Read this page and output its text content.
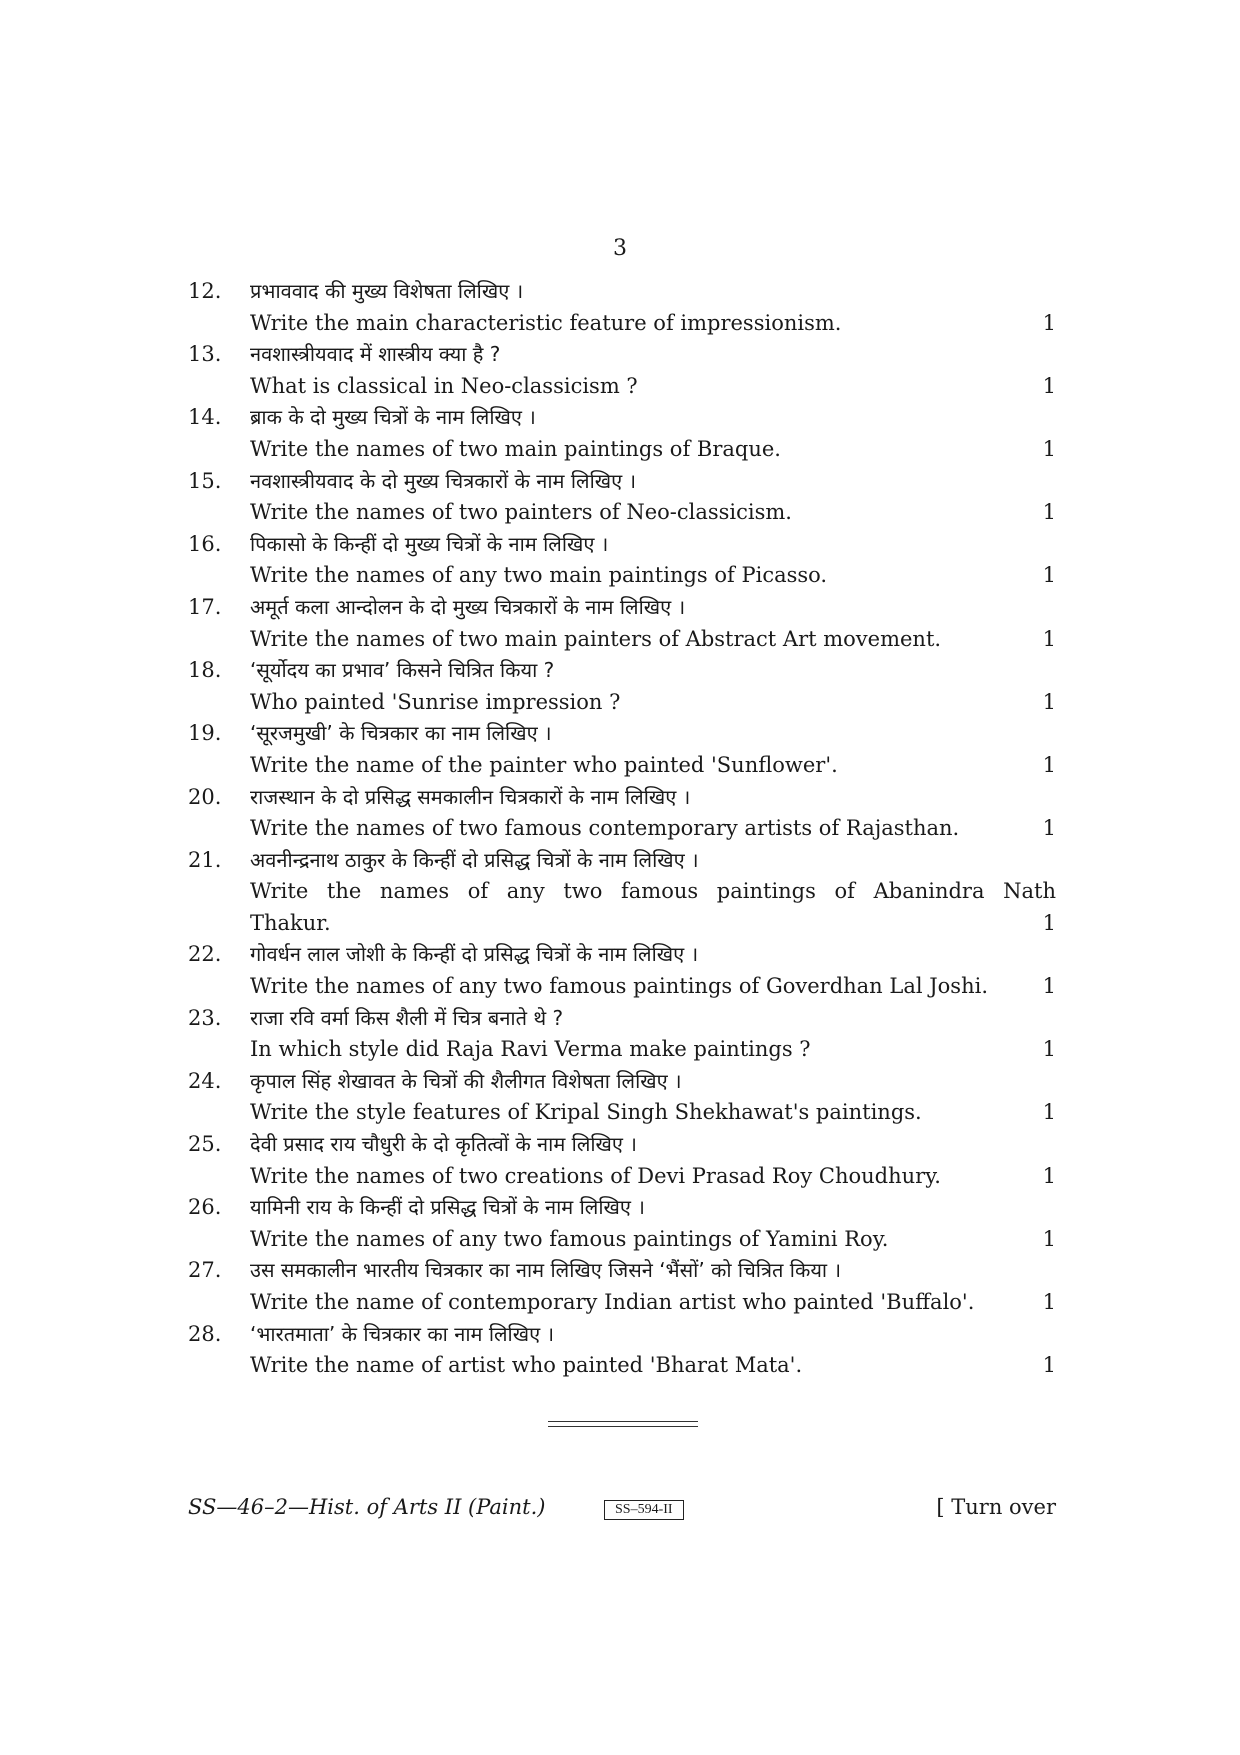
3
12. प्रभाववाद की मुख्य विशेषता लिखिए ।
Write the main characteristic feature of impressionism.	1
13. नवशास्त्रीयवाद में शास्त्रीय क्या है ?
What is classical in Neo-classicism ?	1
14. ब्राक के दो मुख्य चित्रों के नाम लिखिए ।
Write the names of two main paintings of Braque.	1
15. नवशास्त्रीयवाद के दो मुख्य चित्रकारों के नाम लिखिए ।
Write the names of two painters of Neo-classicism.	1
16. पिकासो के किन्हीं दो मुख्य चित्रों के नाम लिखिए ।
Write the names of any two main paintings of Picasso.	1
17. अमूर्त कला आन्दोलन के दो मुख्य चित्रकारों के नाम लिखिए ।
Write the names of two main painters of Abstract Art movement.	1
18. ‘सूर्योदय का प्रभाव’ किसने चित्रित किया ?
Who painted 'Sunrise impression ?	1
19. ‘सूरजमुखी’ के चित्रकार का नाम लिखिए ।
Write the name of the painter who painted 'Sunflower'.	1
20. राजस्थान के दो प्रसिद्ध समकालीन चित्रकारों के नाम लिखिए ।
Write the names of two famous contemporary artists of Rajasthan.	1
21. अवनीन्द्रनाथ ठाकुर के किन्हीं दो प्रसिद्ध चित्रों के नाम लिखिए ।
Write the names of any two famous paintings of Abanindra Nath
Thakur.	1
22. गोवर्धन लाल जोशी के किन्हीं दो प्रसिद्ध चित्रों के नाम लिखिए ।
Write the names of any two famous paintings of Goverdhan Lal Joshi.	1
23. राजा रवि वर्मा किस शैली में चित्र बनाते थे ?
In which style did Raja Ravi Verma make paintings ?	1
24. कृपाल सिंह शेखावत के चित्रों की शैलीगत विशेषता लिखिए ।
Write the style features of Kripal Singh Shekhawat's paintings.	1
25. देवी प्रसाद राय चौधुरी के दो कृतित्वों के नाम लिखिए ।
Write the names of two creations of Devi Prasad Roy Choudhury.	1
26. यामिनी राय के किन्हीं दो प्रसिद्ध चित्रों के नाम लिखिए ।
Write the names of any two famous paintings of Yamini Roy.	1
27. उस समकालीन भारतीय चित्रकार का नाम लिखिए जिसने ‘भैंसों’ को चित्रित किया ।
Write the name of contemporary Indian artist who painted 'Buffalo'.	1
28. ‘भारतमाता’ के चित्रकार का नाम लिखिए ।
Write the name of artist who painted 'Bharat Mata'.	1
SS—46–2—Hist. of Arts II (Paint.)	SS–594-II	[ Turn over
